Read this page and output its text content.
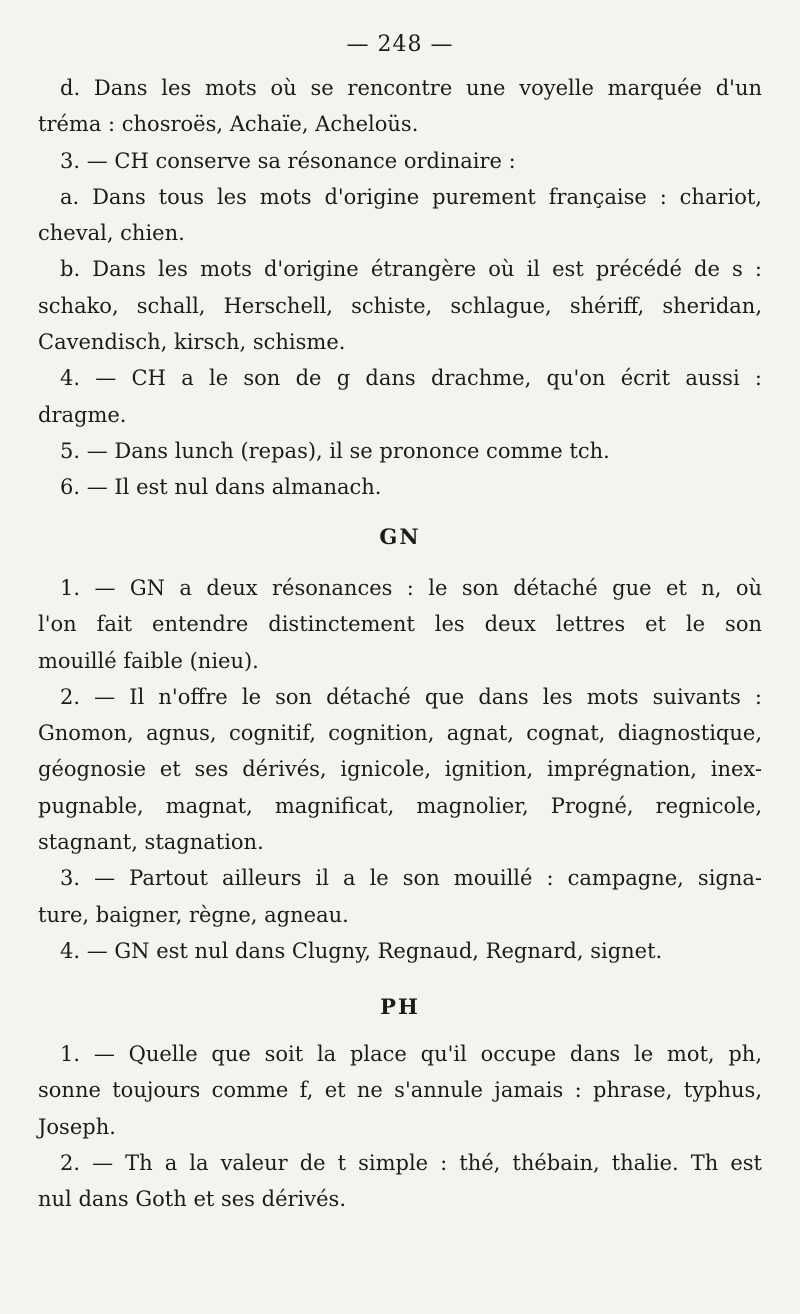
— 248 —
d. Dans les mots où se rencontre une voyelle marquée d'un
tréma : chosroës, Achaïe, Acheloüs.
3. — CH conserve sa résonance ordinaire :
a. Dans tous les mots d'origine purement française : chariot,
cheval, chien.
b. Dans les mots d'origine étrangère où il est précédé de s :
schako, schall, Herschell, schiste, schlague, shériff, sheridan,
Cavendisch, kirsch, schisme.
4. — CH a le son de g dans drachme, qu'on écrit aussi :
dragme.
5. — Dans lunch (repas), il se prononce comme tch.
6. — Il est nul dans almanach.
GN
1. — GN a deux résonances : le son détaché gue et n, où
l'on fait entendre distinctement les deux lettres et le son
mouillé faible (nieu).
2. — Il n'offre le son détaché que dans les mots suivants :
Gnomon, agnus, cognitif, cognition, agnat, cognat, diagnostique,
géognosie et ses dérivés, ignicole, ignition, imprégnation, inex-
pugnable, magnat, magnificat, magnolier, Progné, regnicole,
stagnant, stagnation.
3. — Partout ailleurs il a le son mouillé : campagne, signa-
ture, baigner, règne, agneau.
4. — GN est nul dans Clugny, Regnaud, Regnard, signet.
PH
1. — Quelle que soit la place qu'il occupe dans le mot, ph,
sonne toujours comme f, et ne s'annule jamais : phrase, typhus,
Joseph.
2. — Th a la valeur de t simple : thé, thébain, thalie. Th est
nul dans Goth et ses dérivés.
